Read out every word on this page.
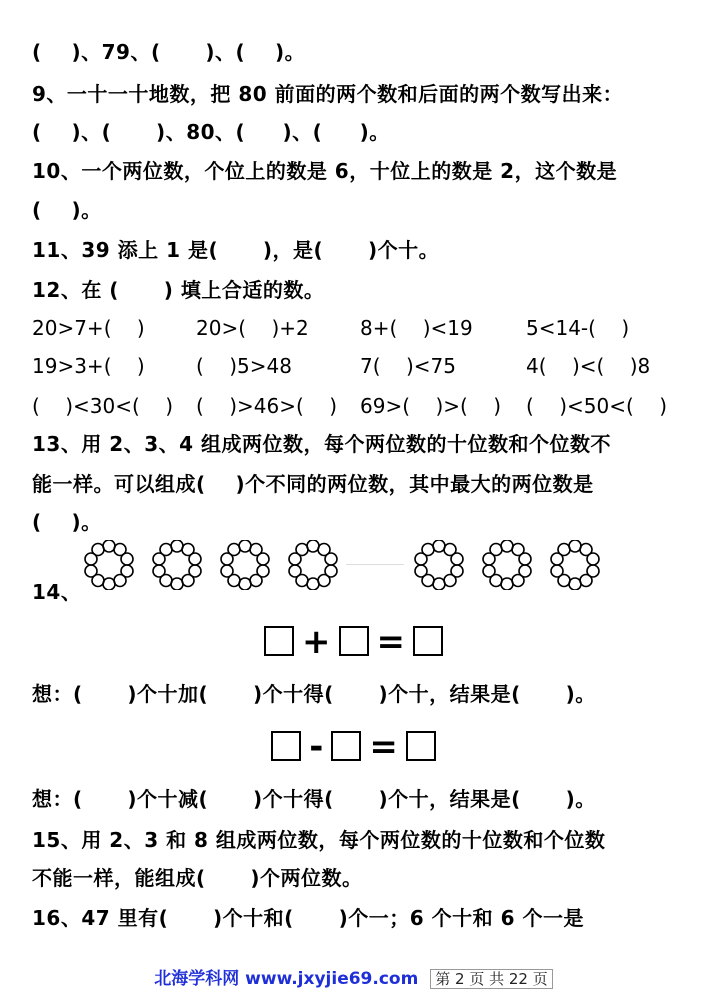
(    )、79、(      )、(    )。
9、一十一十地数，把 80 前面的两个数和后面的两个数写出来：
(    )、(      )、80、(     )、(     )。
10、一个两位数，个位上的数是 6，十位上的数是 2，这个数是
(    )。
11、39 添上 1 是(      )，是(      )个十。
12、在 (      ) 填上合适的数。
20>7+(    )	20>(    )+2	8+(    )<19	5<14-(    )
19>3+(    )	(    )5>48	7(    )<75	4(    )<(    )8
(    )<30<(    ) (    )>46>(    ) 69>(    )>(    ) (    )<50<(    )
13、用 2、3、4 组成两位数，每个两位数的十位数和个位数不
能一样。可以组成(    )个不同的两位数，其中最大的两位数是
(    )。
14、
+ =
想：(      )个十加(      )个十得(      )个十，结果是(      )。
- =
想：(      )个十减(      )个十得(      )个十，结果是(      )。
15、用 2、3 和 8 组成两位数，每个两位数的十位数和个位数
不能一样，能组成(      )个两位数。
16、47 里有(      )个十和(      )个一；6 个十和 6 个一是
北海学科网 www.jxyjie69.com 第 2 页 共 22 页
